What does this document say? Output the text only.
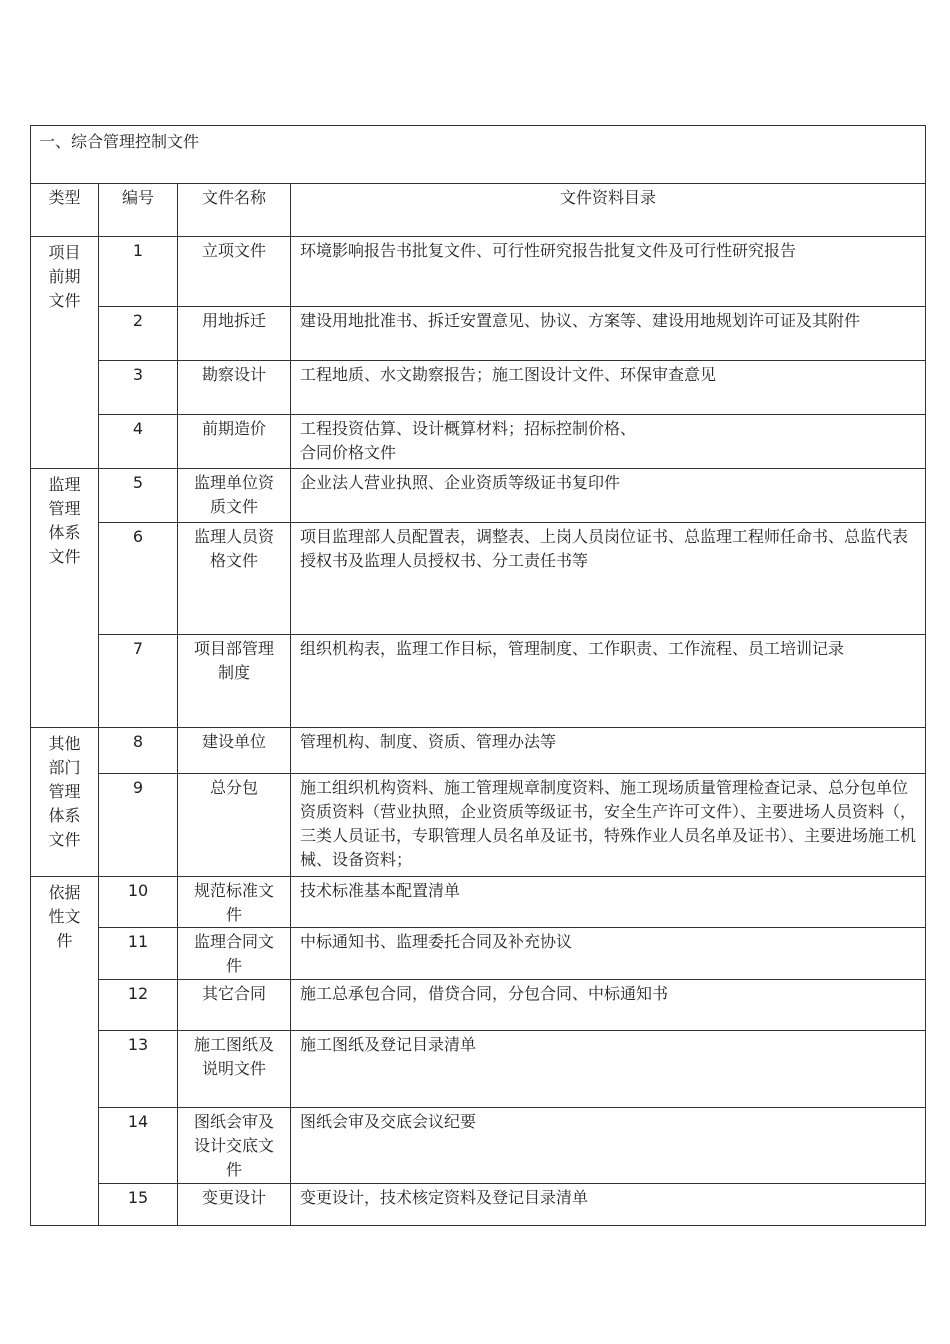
一、综合管理控制文件			
类型	编号	文件名称	文件资料目录

项目前期文件	1	立项文件	环境影响报告书批复文件、可行性研究报告批复文件及可行性研究报告
	2	用地拆迁	建设用地批准书、拆迁安置意见、协议、方案等、建设用地规划许可证及其附件
	3	勘察设计	工程地质、水文勘察报告；施工图设计文件、环保审查意见
	4	前期造价	工程投资估算、设计概算材料；招标控制价格、
合同价格文件

监理管理体系文件	5	监理单位资质文件	企业法人营业执照、企业资质等级证书复印件
	6	监理人员资格文件	项目监理部人员配置表，调整表、上岗人员岗位证书、总监理工程师任命书、总监代表授权书及监理人员授权书、分工责任书等
	7	项目部管理制度	组织机构表，监理工作目标，管理制度、工作职责、工作流程、员工培训记录

其他部门管理体系文件	8	建设单位	管理机构、制度、资质、管理办法等
	9	总分包	施工组织机构资料、施工管理规章制度资料、施工现场质量管理检查记录、总分包单位资质资料（营业执照，企业资质等级证书，安全生产许可文件）、主要进场人员资料（，三类人员证书，专职管理人员名单及证书，特殊作业人员名单及证书）、主要进场施工机械、设备资料；

依据性文件	10	规范标准文件	技术标准基本配置清单
	11	监理合同文件	中标通知书、监理委托合同及补充协议
	12	其它合同	施工总承包合同，借贷合同，分包合同、中标通知书
	13	施工图纸及说明文件	施工图纸及登记目录清单
	14	图纸会审及设计交底文件	图纸会审及交底会议纪要
	15	变更设计	变更设计，技术核定资料及登记目录清单
